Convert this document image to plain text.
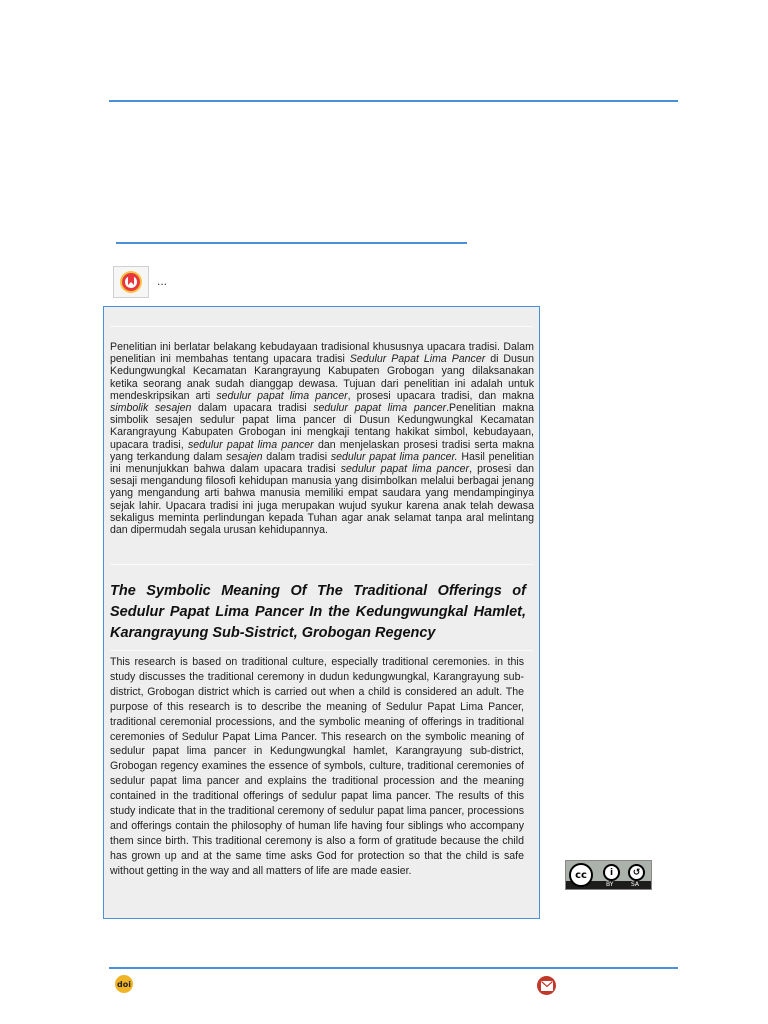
...

Penelitian ini berlatar belakang kebudayaan tradisional khususnya upacara tradisi. Dalam penelitian ini membahas tentang upacara tradisi Sedulur Papat Lima Pancer di Dusun Kedungwungkal Kecamatan Karangrayung Kabupaten Grobogan yang dilaksanakan ketika seorang anak sudah dianggap dewasa. Tujuan dari penelitian ini adalah untuk mendeskripsikan arti sedulur papat lima pancer, prosesi upacara tradisi, dan makna simbolik sesajen dalam upacara tradisi sedulur papat lima pancer.Penelitian makna simbolik sesajen sedulur papat lima pancer di Dusun Kedungwungkal Kecamatan Karangrayung Kabupaten Grobogan ini mengkaji tentang hakikat simbol, kebudayaan, upacara tradisi, sedulur papat lima pancer dan menjelaskan prosesi tradisi serta makna yang terkandung dalam sesajen dalam tradisi sedulur papat lima pancer. Hasil penelitian ini menunjukkan bahwa dalam upacara tradisi sedulur papat lima pancer, prosesi dan sesaji mengandung filosofi kehidupan manusia yang disimbolkan melalui berbagai jenang yang mengandung arti bahwa manusia memiliki empat saudara yang mendampinginya sejak lahir. Upacara tradisi ini juga merupakan wujud syukur karena anak telah dewasa sekaligus meminta perlindungan kepada Tuhan agar anak selamat tanpa aral melintang dan dipermudah segala urusan kehidupannya.

The Symbolic Meaning Of The Traditional Offerings of Sedulur Papat Lima Pancer In the Kedungwungkal Hamlet, Karangrayung Sub-Sistrict, Grobogan Regency

This research is based on traditional culture, especially traditional ceremonies. in this study discusses the traditional ceremony in dudun kedungwungkal, Karangrayung sub-district, Grobogan district which is carried out when a child is considered an adult. The purpose of this research is to describe the meaning of Sedulur Papat Lima Pancer, traditional ceremonial processions, and the symbolic meaning of offerings in traditional ceremonies of Sedulur Papat Lima Pancer. This research on the symbolic meaning of sedulur papat lima pancer in Kedungwungkal hamlet, Karangrayung sub-district, Grobogan regency examines the essence of symbols, culture, traditional ceremonies of sedulur papat lima pancer and explains the traditional procession and the meaning contained in the traditional offerings of sedulur papat lima pancer. The results of this study indicate that in the traditional ceremony of sedulur papat lima pancer, processions and offerings contain the philosophy of human life having four siblings who accompany them since birth. This traditional ceremony is also a form of gratitude because the child has grown up and at the same time asks God for protection so that the child is safe without getting in the way and all matters of life are made easier.	cc	i	↺
BY	SA
doi
